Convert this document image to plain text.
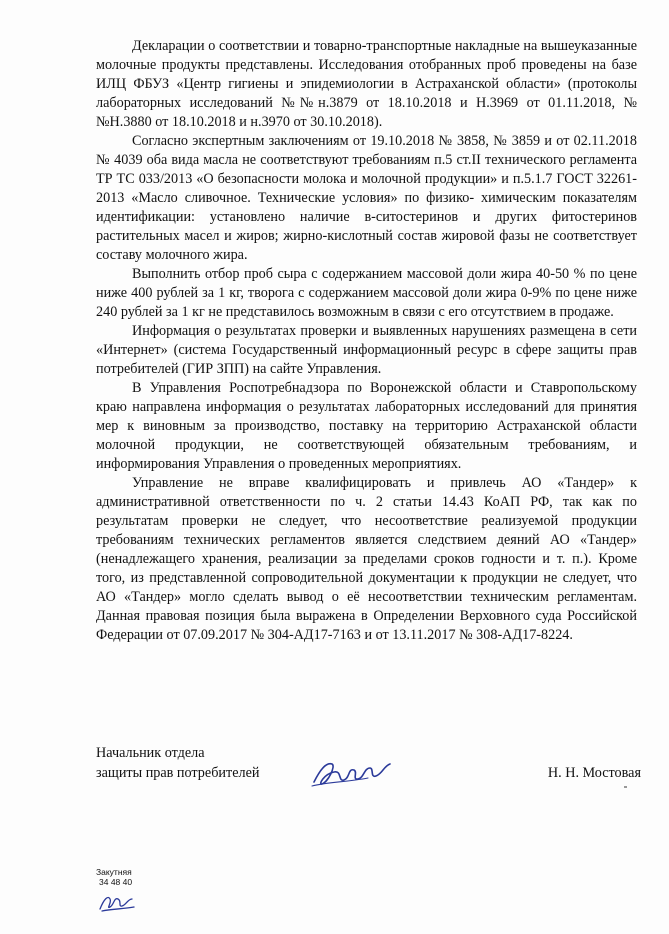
Декларации о соответствии и товарно-транспортные накладные на вышеуказанные молочные продукты представлены. Исследования отобранных проб проведены на базе ИЛЦ ФБУЗ «Центр гигиены и эпидемиологии в Астраханской области» (протоколы лабораторных исследований №№н.3879 от 18.10.2018 и Н.3969 от 01.11.2018, №№Н.3880 от 18.10.2018 и н.3970 от 30.10.2018).

Согласно экспертным заключениям от 19.10.2018 № 3858, № 3859 и от 02.11.2018 № 4039 оба вида масла не соответствуют требованиям п.5 ст.II технического регламента ТР ТС 033/2013 «О безопасности молока и молочной продукции» и п.5.1.7 ГОСТ 32261-2013 «Масло сливочное. Технические условия» по физико- химическим показателям идентификации: установлено наличие в-ситостеринов и других фитостеринов растительных масел и жиров; жирно-кислотный состав жировой фазы не соответствует составу молочного жира.

Выполнить отбор проб сыра с содержанием массовой доли жира 40-50 % по цене ниже 400 рублей за 1 кг, творога с содержанием массовой доли жира 0-9% по цене ниже 240 рублей за 1 кг не представилось возможным в связи с его отсутствием в продаже.

Информация о результатах проверки и выявленных нарушениях размещена в сети «Интернет» (система Государственный информационный ресурс в сфере защиты прав потребителей (ГИР ЗПП) на сайте Управления.

В Управления Роспотребнадзора по Воронежской области и Ставропольскому краю направлена информация о результатах лабораторных исследований для принятия мер к виновным за производство, поставку на территорию Астраханской области молочной продукции, не соответствующей обязательным требованиям, и информирования Управления о проведенных мероприятиях.

Управление не вправе квалифицировать и привлечь АО «Тандер» к административной ответственности по ч. 2 статьи 14.43 КоАП РФ, так как по результатам проверки не следует, что несоответствие реализуемой продукции требованиям технических регламентов является следствием деяний АО «Тандер» (ненадлежащего хранения, реализации за пределами сроков годности и т. п.). Кроме того, из представленной сопроводительной документации к продукции не следует, что АО «Тандер» могло сделать вывод о её несоответствии техническим регламентам. Данная правовая позиция была выражена в Определении Верховного суда Российской Федерации от 07.09.2017 № 304-АД17-7163 и от 13.11.2017 № 308-АД17-8224.

Начальник отдела
защиты прав потребителей	Н. Н. Мостовая
Закутняя
34 48 40
